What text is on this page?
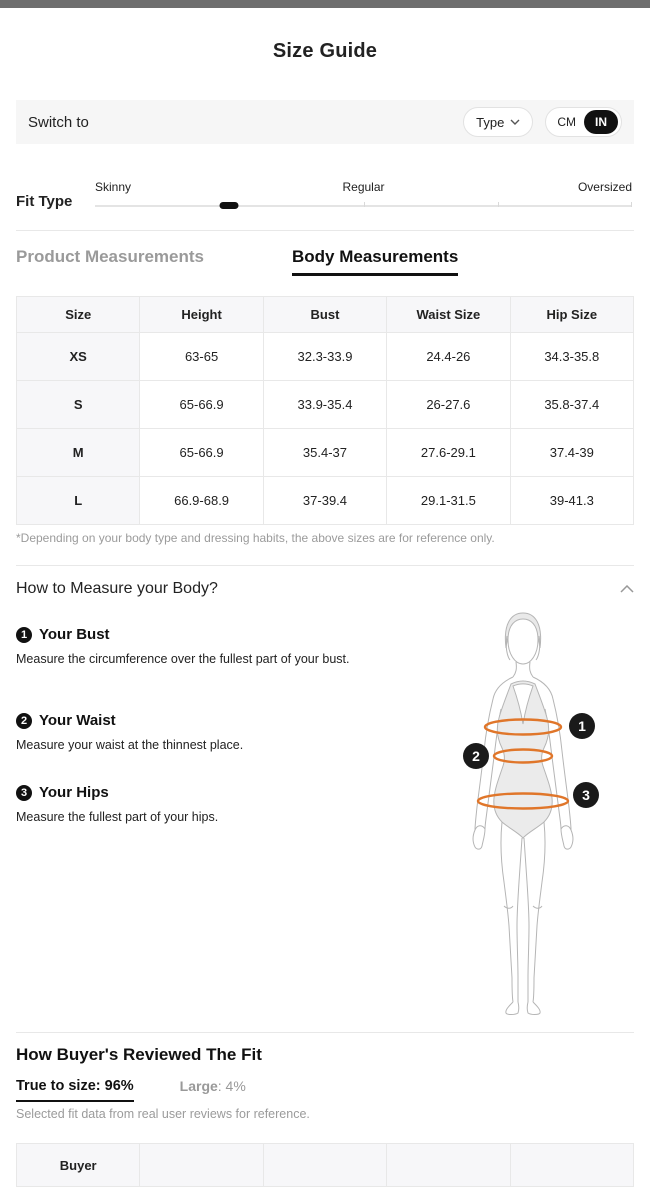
Size Guide
Switch to	Type	CM	IN
Fit Type
Skinny	Regular	Oversized
Product Measurements	Body Measurements
Size	Height	Bust	Waist Size	Hip Size
XS	63-65	32.3-33.9	24.4-26	34.3-35.8
S	65-66.9	33.9-35.4	26-27.6	35.8-37.4
M	65-66.9	35.4-37	27.6-29.1	37.4-39
L	66.9-68.9	37-39.4	29.1-31.5	39-41.3
*Depending on your body type and dressing habits, the above sizes are for reference only.
How to Measure your Body?
1 Your Bust
Measure the circumference over the fullest part of your bust.
2 Your Waist
Measure your waist at the thinnest place.
3 Your Hips
Measure the fullest part of your hips.
1
2
3
How Buyer's Reviewed The Fit
True to size: 96%	Large: 4%
Selected fit data from real user reviews for reference.
Buyer				
